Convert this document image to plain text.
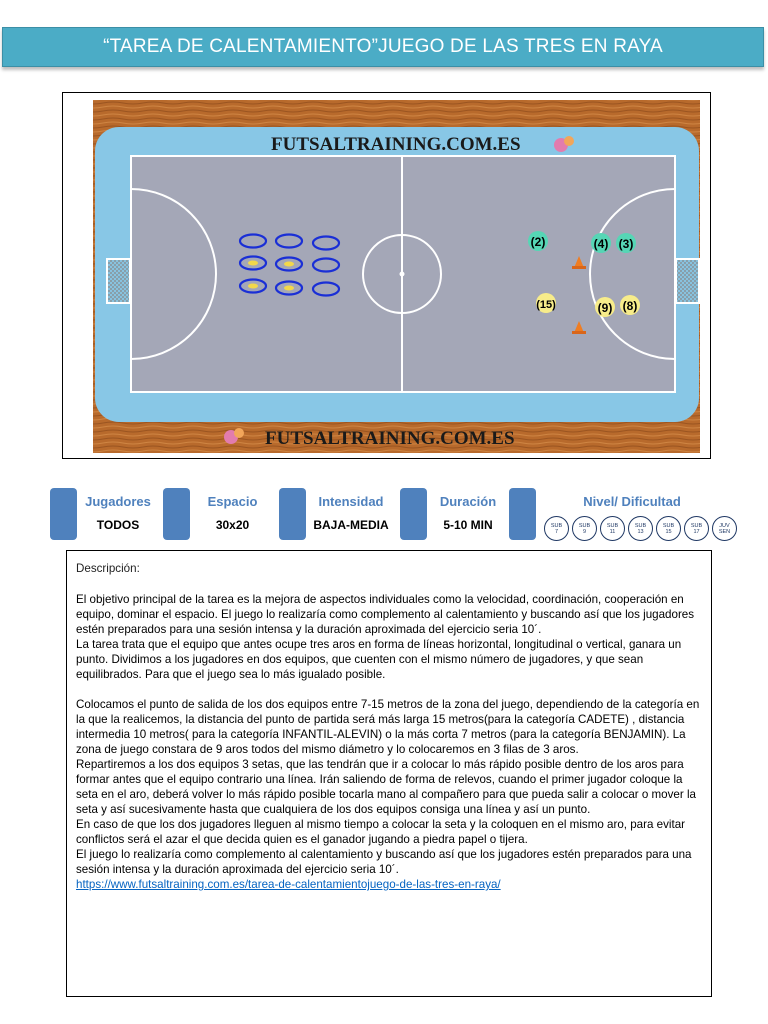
“TAREA DE CALENTAMIENTO”JUEGO DE LAS TRES EN RAYA
FUTSALTRAINING.COM.ES
FUTSALTRAINING.COM.ES
(2)	(4) (3)
(15)	(9) (8)
Jugadores
TODOS
Espacio
30x20
Intensidad
BAJA-MEDIA
Duración
5-10 MIN
Nivel/ Dificultad
SUB
7
SUB
9
SUB
11
SUB
13
SUB
15
SUB
17
JUV
SEN
Descripción:

El objetivo principal de la tarea es la mejora de aspectos individuales como la velocidad, coordinación, cooperación en equipo, dominar el espacio. El juego lo realizaría como complemento al calentamiento y buscando así que los jugadores estén preparados para una sesión intensa y la duración aproximada del ejercicio seria 10´.

La tarea trata que el equipo que antes ocupe tres aros en forma de líneas horizontal, longitudinal o vertical, ganara un punto. Dividimos a los jugadores en dos equipos, que cuenten con el mismo número de jugadores, y que sean equilibrados. Para que el juego sea lo más igualado posible.

Colocamos el punto de salida de los dos equipos entre 7-15 metros de la zona del juego, dependiendo de la categoría en la que la realicemos, la distancia del punto de partida será más larga 15 metros(para la categoría CADETE) , distancia intermedia 10 metros( para la categoría INFANTIL-ALEVIN) o la más corta 7 metros (para la categoría BENJAMIN). La zona de juego constara de 9 aros todos del mismo diámetro y lo colocaremos en 3 filas de 3 aros.

Repartiremos a los dos equipos 3 setas, que las tendrán que ir a colocar lo más rápido posible dentro de los aros para formar antes que el equipo contrario una línea. Irán saliendo de forma de relevos, cuando el primer jugador coloque la seta en el aro, deberá volver lo más rápido posible tocarla mano al compañero para que pueda salir a colocar o mover la seta y así sucesivamente hasta que cualquiera de los dos equipos consiga una línea y así un punto.

En caso de que los dos jugadores lleguen al mismo tiempo a colocar la seta y la coloquen en el mismo aro, para evitar conflictos será el azar el que decida quien es el ganador jugando a piedra papel o tijera.

El juego lo realizaría como complemento al calentamiento y buscando así que los jugadores estén preparados para una sesión intensa y la duración aproximada del ejercicio seria 10´.

https://www.futsaltraining.com.es/tarea-de-calentamientojuego-de-las-tres-en-raya/
